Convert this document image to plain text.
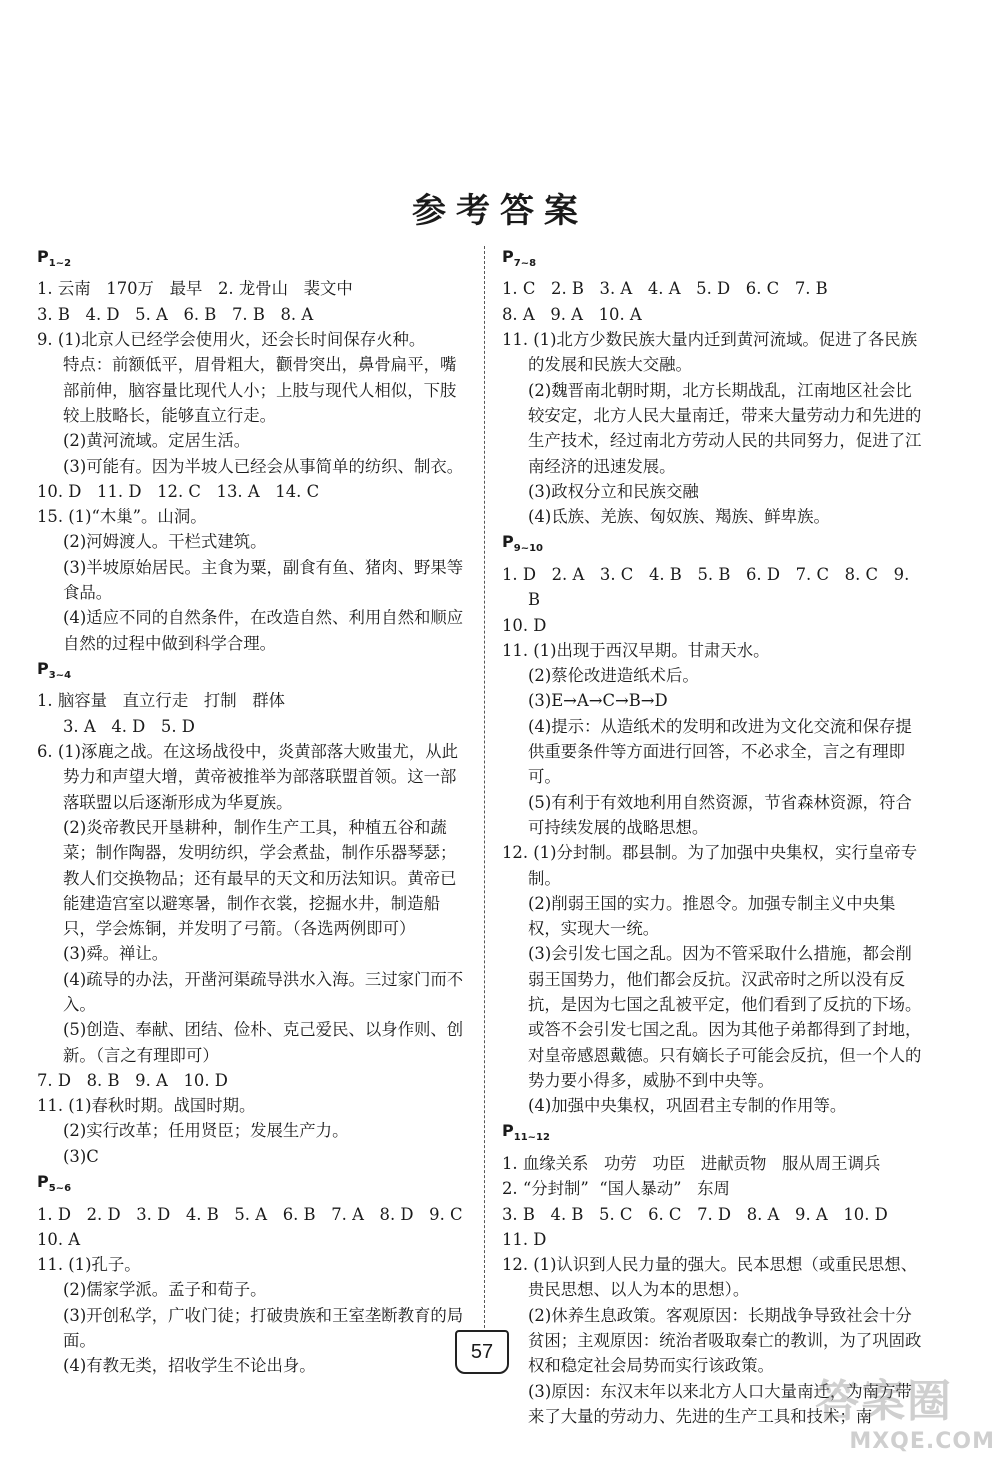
参考答案
$P_{1\sim 2}$
1. 云南   170万   最早   2. 龙骨山   裴文中
3. B   4. D   5. A   6. B   7. B   8. A
9. (1)北京人已经学会使用火，还会长时间保存火种。
特点：前额低平，眉骨粗大，颧骨突出，鼻骨扁平，嘴部前伸，脑容量比现代人小；上肢与现代人相似，下肢较上肢略长，能够直立行走。
(2)黄河流域。定居生活。
(3)可能有。因为半坡人已经会从事简单的纺织、制衣。
10. D   11. D   12. C   13. A   14. C
15. (1)“木巢”。山洞。
(2)河姆渡人。干栏式建筑。
(3)半坡原始居民。主食为粟，副食有鱼、猪肉、野果等食品。
(4)适应不同的自然条件，在改造自然、利用自然和顺应自然的过程中做到科学合理。
$P_{3\sim 4}$
1. 脑容量   直立行走   打制   群体
3. A   4. D   5. D
6. (1)涿鹿之战。在这场战役中，炎黄部落大败蚩尤，从此势力和声望大增，黄帝被推举为部落联盟首领。这一部落联盟以后逐渐形成为华夏族。
(2)炎帝教民开垦耕种，制作生产工具，种植五谷和蔬菜；制作陶器，发明纺织，学会煮盐，制作乐器琴瑟；教人们交换物品；还有最早的天文和历法知识。黄帝已能建造宫室以避寒暑，制作衣裳，挖掘水井，制造船只，学会炼铜，并发明了弓箭。（各选两例即可）
(3)舜。禅让。
(4)疏导的办法，开凿河渠疏导洪水入海。三过家门而不入。
(5)创造、奉献、团结、俭朴、克己爱民、以身作则、创新。（言之有理即可）
7. D   8. B   9. A   10. D
11. (1)春秋时期。战国时期。
(2)实行改革；任用贤臣；发展生产力。
(3)C
$P_{5\sim 6}$
1. D   2. D   3. D   4. B   5. A   6. B   7. A   8. D   9. C
10. A
11. (1)孔子。
(2)儒家学派。孟子和荀子。
(3)开创私学，广收门徒；打破贵族和王室垄断教育的局面。
(4)有教无类，招收学生不论出身。
$P_{7\sim 8}$
1. C   2. B   3. A   4. A   5. D   6. C   7. B
8. A   9. A   10. A
11. (1)北方少数民族大量内迁到黄河流域。促进了各民族的发展和民族大交融。
(2)魏晋南北朝时期，北方长期战乱，江南地区社会比较安定，北方人民大量南迁，带来大量劳动力和先进的生产技术，经过南北方劳动人民的共同努力，促进了江南经济的迅速发展。
(3)政权分立和民族交融
(4)氐族、羌族、匈奴族、羯族、鲜卑族。
$P_{9\sim 10}$
1. D   2. A   3. C   4. B   5. B   6. D   7. C   8. C   9. B
10. D
11. (1)出现于西汉早期。甘肃天水。
(2)蔡伦改进造纸术后。
(3)E→A→C→B→D
(4)提示：从造纸术的发明和改进为文化交流和保存提供重要条件等方面进行回答，不必求全，言之有理即可。
(5)有利于有效地利用自然资源，节省森林资源，符合可持续发展的战略思想。
12. (1)分封制。郡县制。为了加强中央集权，实行皇帝专制。
(2)削弱王国的实力。推恩令。加强专制主义中央集权，实现大一统。
(3)会引发七国之乱。因为不管采取什么措施，都会削弱王国势力，他们都会反抗。汉武帝时之所以没有反抗，是因为七国之乱被平定，他们看到了反抗的下场。或答不会引发七国之乱。因为其他子弟都得到了封地，对皇帝感恩戴德。只有嫡长子可能会反抗，但一个人的势力要小得多，威胁不到中央等。
(4)加强中央集权，巩固君主专制的作用等。
$P_{11\sim 12}$
1. 血缘关系   功劳   功臣   进献贡物   服从周王调兵
2. “分封制”  “国人暴动”   东周
3. B   4. B   5. C   6. C   7. D   8. A   9. A   10. D
11. D
12. (1)认识到人民力量的强大。民本思想（或重民思想、贵民思想、以人为本的思想）。
(2)休养生息政策。客观原因：长期战争导致社会十分贫困；主观原因：统治者吸取秦亡的教训，为了巩固政权和稳定社会局势而实行该政策。
(3)原因：东汉末年以来北方人口大量南迁，为南方带来了大量的劳动力、先进的生产工具和技术；南
57
答案圈
MXQE.COM
